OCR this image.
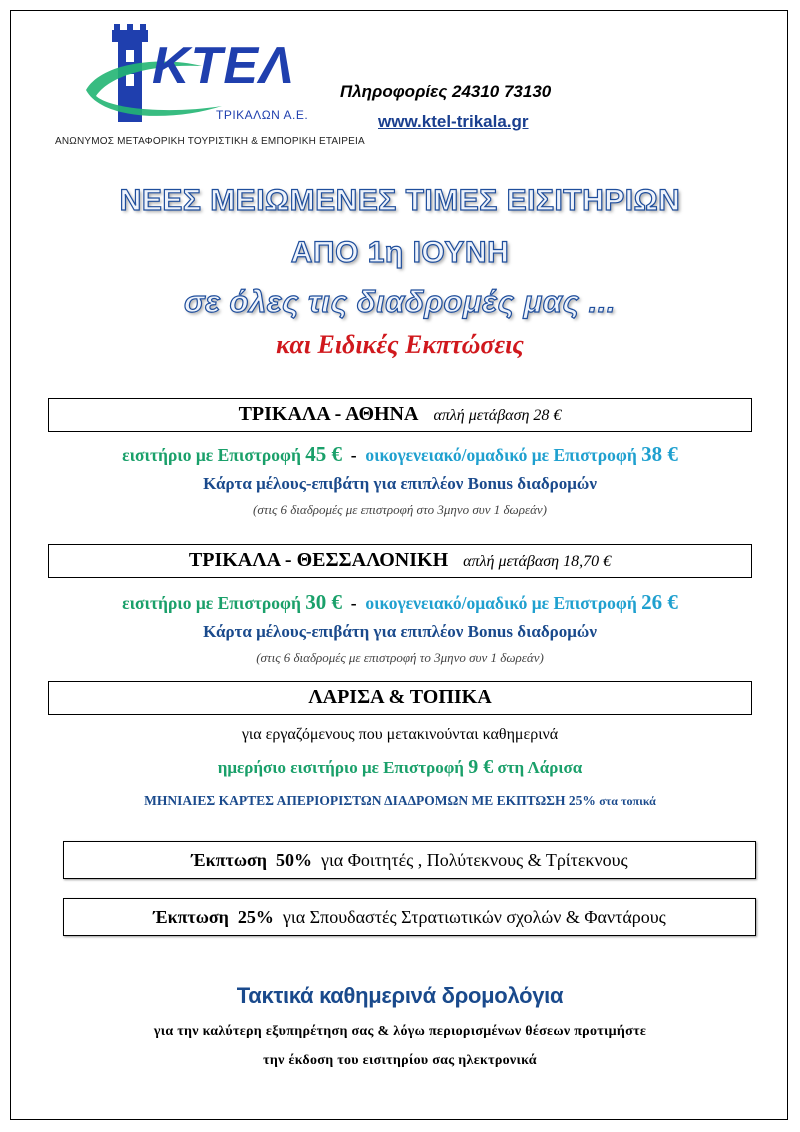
KTEΛ
ΤΡΙΚΑΛΩΝ Α.Ε.
ΑΝΩΝΥΜΟΣ ΜΕΤΑΦΟΡΙΚΗ ΤΟΥΡΙΣΤΙΚΗ & ΕΜΠΟΡΙΚΗ ΕΤΑΙΡΕΙΑ
Πληροφορίες 24310 73130
www.ktel-trikala.gr
ΝΕΕΣ ΜΕΙΩΜΕΝΕΣ ΤΙΜΕΣ ΕΙΣΙΤΗΡΙΩΝ
ΑΠΟ 1η ΙΟΥΝΗ
σε όλες τις διαδρομές μας ...
και Ειδικές Εκπτώσεις
ΤΡΙΚΑΛΑ - ΑΘΗΝΑ απλή μετάβαση 28 €
εισιτήριο με Επιστροφή 45 €  -  οικογενειακό/ομαδικό με Επιστροφή 38 €
Κάρτα μέλους-επιβάτη για επιπλέον Bonus διαδρομών
(στις 6 διαδρομές με επιστροφή στο 3μηνο συν 1 δωρεάν)
ΤΡΙΚΑΛΑ - ΘΕΣΣΑΛΟΝΙΚΗ απλή μετάβαση 18,70 €
εισιτήριο με Επιστροφή 30 €  -  οικογενειακό/ομαδικό με Επιστροφή 26 €
Κάρτα μέλους-επιβάτη για επιπλέον Bonus διαδρομών
(στις 6 διαδρομές με επιστροφή το 3μηνο συν 1 δωρεάν)
ΛΑΡΙΣΑ & ΤΟΠΙΚΑ
για εργαζόμενους που μετακινούνται καθημερινά
ημερήσιο εισιτήριο με Επιστροφή 9 € στη Λάρισα
ΜΗΝΙΑΙΕΣ ΚΑΡΤΕΣ ΑΠΕΡΙΟΡΙΣΤΩΝ ΔΙΑΔΡΟΜΩΝ ΜΕ ΕΚΠΤΩΣΗ 25% στα τοπικά
Έκπτωση 50% για Φοιτητές , Πολύτεκνους & Τρίτεκνους
Έκπτωση 25% για Σπουδαστές Στρατιωτικών σχολών & Φαντάρους
Τακτικά καθημερινά δρομολόγια
για την καλύτερη εξυπηρέτηση σας & λόγω περιορισμένων θέσεων προτιμήστε
την έκδοση του εισιτηρίου σας ηλεκτρονικά
